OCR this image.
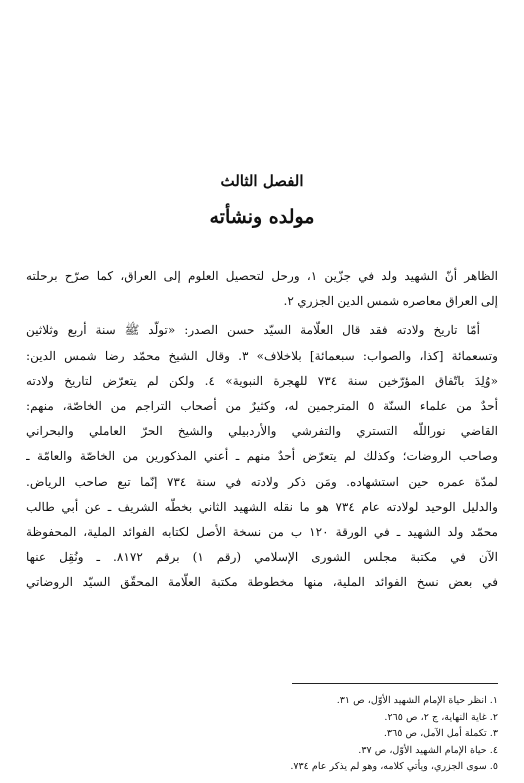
الفصل الثالث
مولده ونشأته
الظاهر أنّ الشهيد ولد في جزّين ١، ورحل لتحصيل العلوم إلى العراق، كما صرّح برحلته
إلى العراق معاصره شمس الدين الجزري ٢.
أمّا تاريخ ولادته فقد قال العلّامة السيّد حسن الصدر: «تولّد ﷺ سنة أربع وثلاثين
وتسعمائة [كذا، والصواب: سبعمائة] بلاخلاف» ٣. وقال الشيخ محمّد رضا شمس الدين:
«وُلِدَ باتّفاق المؤرّخين سنة ٧٣٤ للهجرة النبوية» ٤. ولكن لم يتعرّض لتاريخ ولادته
أحدٌ من علماء السنّة ٥ المترجمين له، وكثيرٌ من أصحاب التراجم من الخاصّة، منهم:
القاضي نوراللّه التستري والتفرشي والأردبيلي والشيخ الحرّ العاملي والبحراني
وصاحب الروضات؛ وكذلك لم يتعرّض أحدٌ منهم ـ أعني المذكورين من الخاصّة والعامّة ـ
لمدّة عمره حين استشهاده. ومَن ذكر ولادته في سنة ٧٣٤ إنّما تبع صاحب الرياض.
والدليل الوحيد لولادته عام ٧٣٤ هو ما نقله الشهيد الثاني بخطّه الشريف ـ عن أبي طالب
محمّد ولد الشهيد ـ في الورقة ١٢٠ ب من نسخة الأصل لكتابه الفوائد الملية، المحفوظة
الآن في مكتبة مجلس الشورى الإسلامي (رقم ١) برقم ٨١٧٢. ـ ونُقِل عنها
في بعض نسخ الفوائد الملية، منها مخطوطة مكتبة العلّامة المحقّق السيّد الروضاتي
١. انظر حياة الإمام الشهيد الأوّل، ص ٣١.
٢. غاية النهاية، ج ٢، ص ٢٦٥.
٣. تكملة أمل الآمل، ص ٣٦٥.
٤. حياة الإمام الشهيد الأوّل، ص ٣٧.
٥. سوى الجزري، ويأتي كلامه، وهو لم يذكر عام ٧٣٤.
